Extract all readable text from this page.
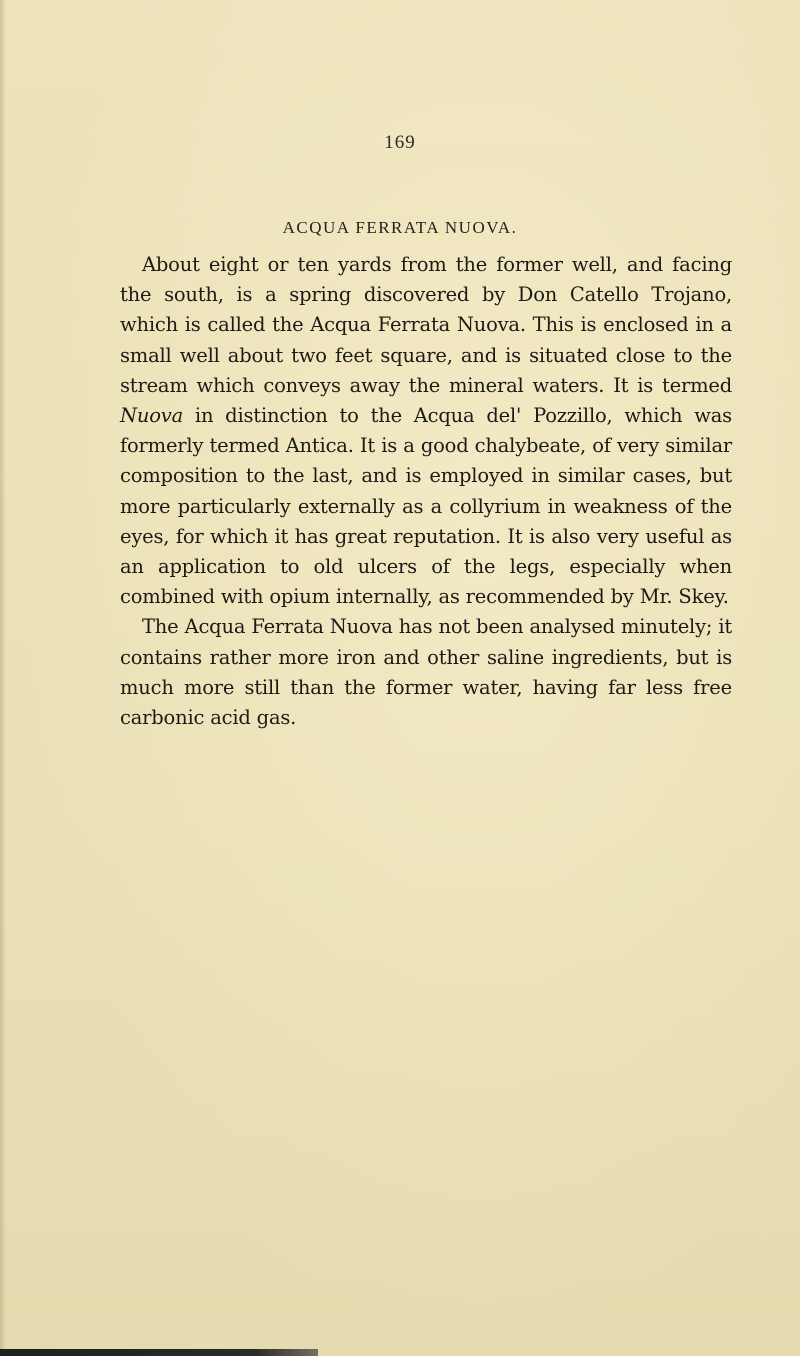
169
ACQUA FERRATA NUOVA.

About eight or ten yards from the former well, and facing the south, is a spring discovered by Don Catello Trojano, which is called the Acqua Ferrata Nuova. This is enclosed in a small well about two feet square, and is situated close to the stream which conveys away the mineral waters. It is termed Nuova in distinction to the Acqua del' Pozzillo, which was formerly termed Antica. It is a good chalybeate, of very similar composition to the last, and is employed in similar cases, but more particularly externally as a collyrium in weakness of the eyes, for which it has great reputation. It is also very useful as an application to old ulcers of the legs, especially when combined with opium internally, as recommended by Mr. Skey.

The Acqua Ferrata Nuova has not been analysed minutely; it contains rather more iron and other saline ingredients, but is much more still than the former water, having far less free carbonic acid gas.
